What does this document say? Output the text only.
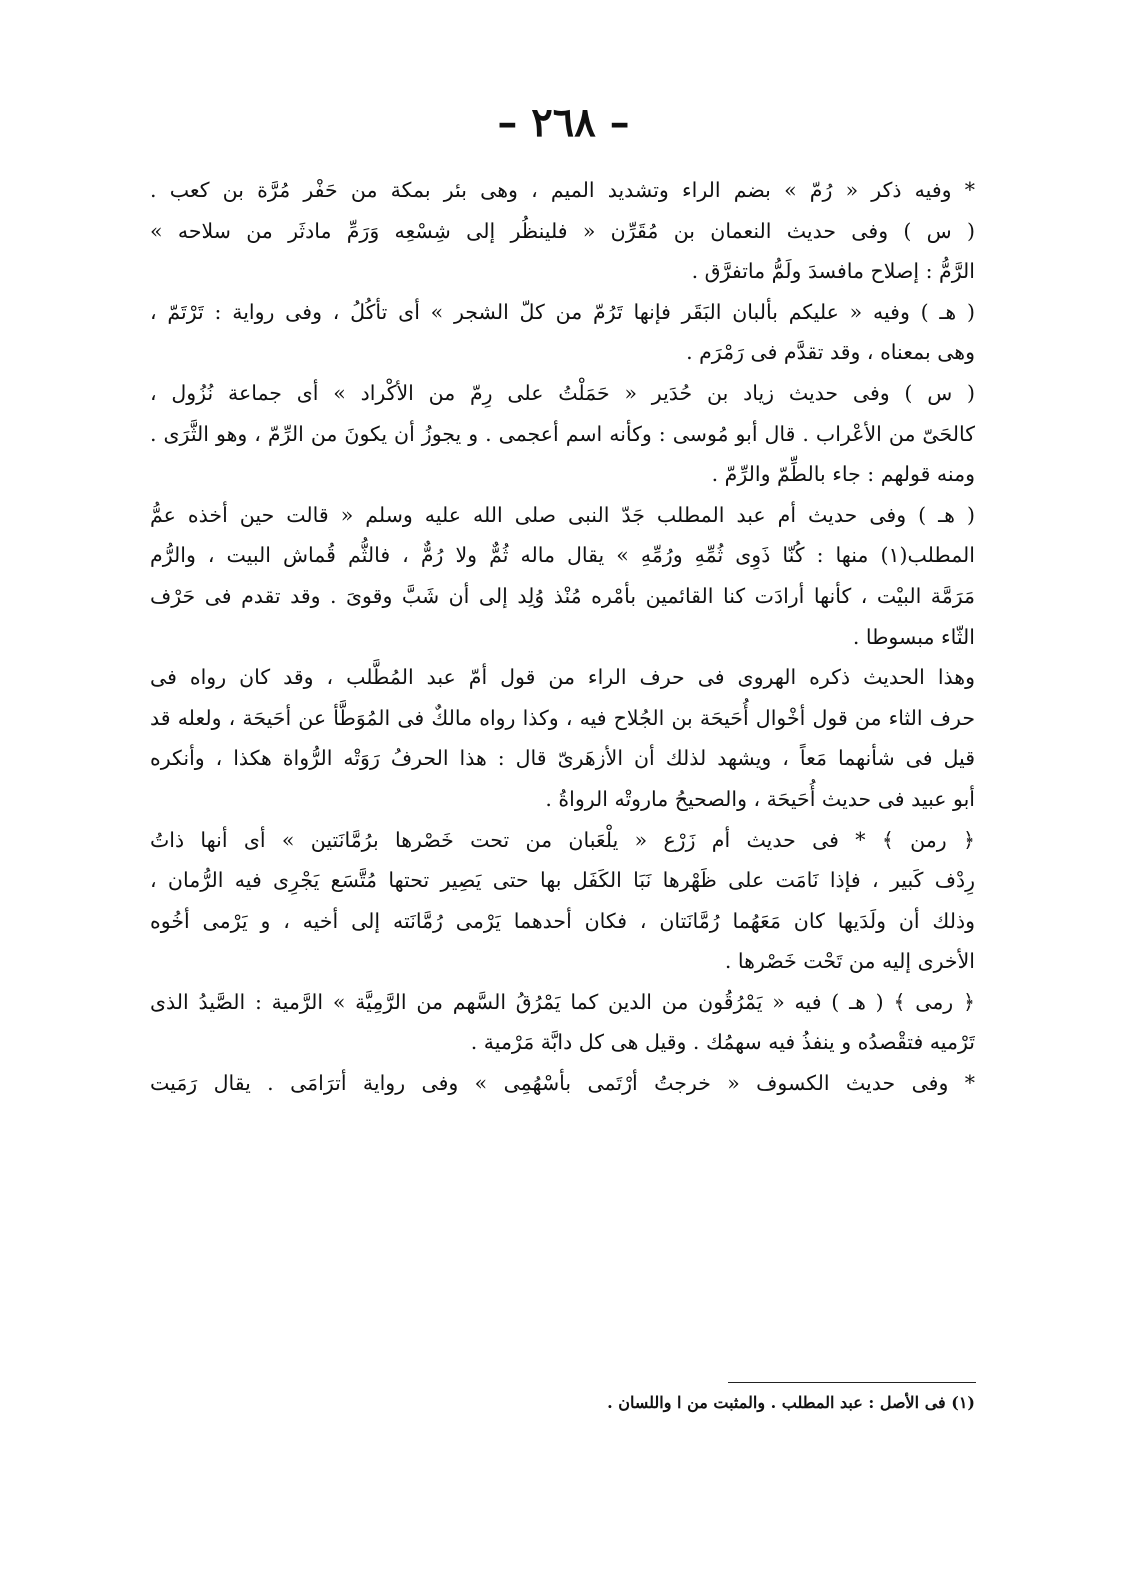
– ٢٦٨ –
* وفيه ذكر « رُمّ » بضم الراء وتشديد الميم ، وهى بئر بمكة من حَفْر مُرَّة بن كعب .
( س ) وفى حديث النعمان بن مُقَرِّن « فلينظُر إلى شِسْعِه وَرَمِّ مادثَر من سلاحه »
الرَّمُّ : إصلاح مافسدَ ولَمُّ ماتفرَّق .
( هـ ) وفيه « عليكم بألبان البَقَر فإنها تَرُمّ من كلّ الشجر » أى تأكُلُ ، وفى رواية : تَرْتَمّ ،
وهى بمعناه ، وقد تقدَّم فى رَمْرَم .
( س ) وفى حديث زياد بن حُدَير « حَمَلْتُ على رِمّ من الأكْراد » أى جماعة نُزُول ،
كالحَىّ من الأعْراب . قال أبو مُوسى : وكأنه اسم أعجمى . و يجوزُ أن يكونَ من الرِّمّ ، وهو الثَّرَى .
ومنه قولهم : جاء بالطِّمّ والرِّمّ .
( هـ ) وفى حديث أم عبد المطلب جَدّ النبى صلى الله عليه وسلم « قالت حين أخذه عمُّ
المطلب(١) منها : كُنّا ذَوِى ثُمِّهِ ورُمِّهِ » يقال ماله ثُمٌّ ولا رُمٌّ ، فالثُّم قُماش البيت ، والرُّم
مَرَمَّة البيْت ، كأنها أرادَت كنا القائمين بأمْره مُنْذ وُلِد إلى أن شَبَّ وقوىَ . وقد تقدم فى حَرْف
الثّاء مبسوطا .
وهذا الحديث ذكره الهروى فى حرف الراء من قول أمّ عبد المُطَّلب ، وقد كان رواه فى
حرف الثاء من قول أخْوال أُحَيحَة بن الجُلاح فيه ، وكذا رواه مالكٌ فى المُوَطَّأ عن أحَيحَة ، ولعله قد
قيل فى شأنهما مَعاً ، ويشهد لذلك أن الأزهَرىّ قال : هذا الحرفُ رَوَتْه الرُّواة هكذا ، وأنكره
أبو عبيد فى حديث أُحَيحَة ، والصحيحُ ماروتْه الرواةُ .
﴿ رمن ﴾ * فى حديث أم زَرْع « يلْعَبان من تحت خَصْرها برُمَّانَتين » أى أنها ذاتُ
رِدْف كَبير ، فإذا نَامَت على ظَهْرها نَبَا الكَفَل بها حتى يَصِير تحتها مُتَّسَع يَجْرِى فيه الرُّمان ،
وذلك أن ولَدَيها كان مَعَهُما رُمَّانَتان ، فكان أحدهما يَرْمى رُمَّانَته إلى أخيه ، و يَرْمى أخُوه
الأخرى إليه من تَحْت خَصْرها .
﴿ رمى ﴾ ( هـ ) فيه « يَمْرُقُون من الدين كما يَمْرُقُ السَّهم من الرَّمِيَّة » الرَّمية : الصَّيدُ الذى
تَرْميه فتقْصدُه و ينفذُ فيه سهمُك . وقيل هى كل دابَّة مَرْمية .
* وفى حديث الكسوف « خرجتُ أرْتَمى بأسْهُمِى » وفى رواية أترَامَى . يقال رَمَيت
(١) فى الأصل : عبد المطلب . والمثبت من ا واللسان .
